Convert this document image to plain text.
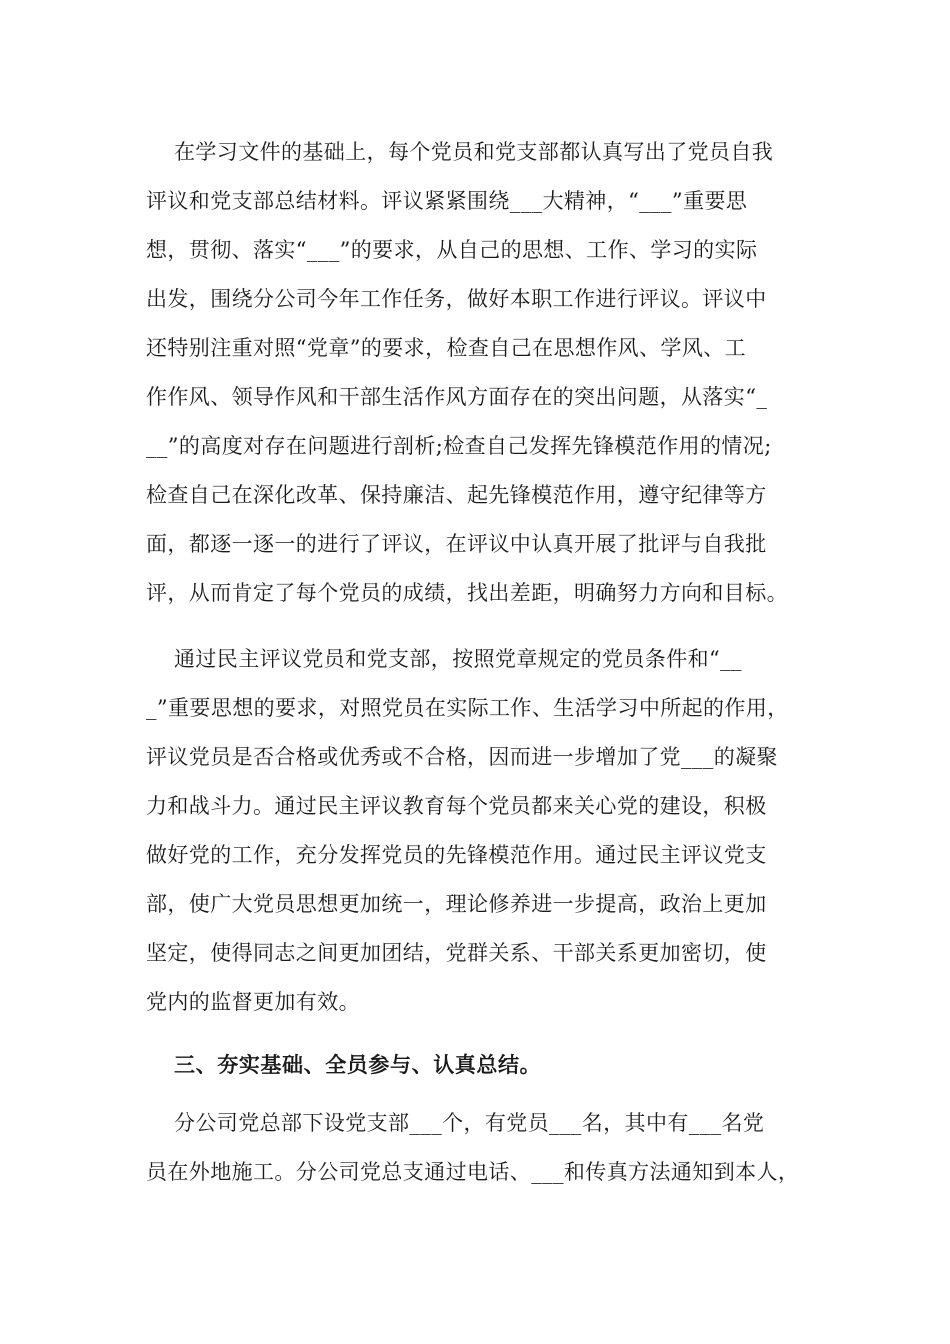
在学习文件的基础上，每个党员和党支部都认真写出了党员自我
评议和党支部总结材料。评议紧紧围绕___大精神，“___”重要思
想，贯彻、落实“___”的要求，从自己的思想、工作、学习的实际
出发，围绕分公司今年工作任务，做好本职工作进行评议。评议中
还特别注重对照“党章”的要求，检查自己在思想作风、学风、工
作作风、领导作风和干部生活作风方面存在的突出问题，从落实“_
__”的高度对存在问题进行剖析;检查自己发挥先锋模范作用的情况;
检查自己在深化改革、保持廉洁、起先锋模范作用，遵守纪律等方
面，都逐一逐一的进行了评议，在评议中认真开展了批评与自我批
评，从而肯定了每个党员的成绩，找出差距，明确努力方向和目标。
通过民主评议党员和党支部，按照党章规定的党员条件和“__
_”重要思想的要求，对照党员在实际工作、生活学习中所起的作用，
评议党员是否合格或优秀或不合格，因而进一步增加了党___的凝聚
力和战斗力。通过民主评议教育每个党员都来关心党的建设，积极
做好党的工作，充分发挥党员的先锋模范作用。通过民主评议党支
部，使广大党员思想更加统一，理论修养进一步提高，政治上更加
坚定，使得同志之间更加团结，党群关系、干部关系更加密切，使
党内的监督更加有效。
三、夯实基础、全员参与、认真总结。
分公司党总部下设党支部___个，有党员___名，其中有___名党
员在外地施工。分公司党总支通过电话、___和传真方法通知到本人，
